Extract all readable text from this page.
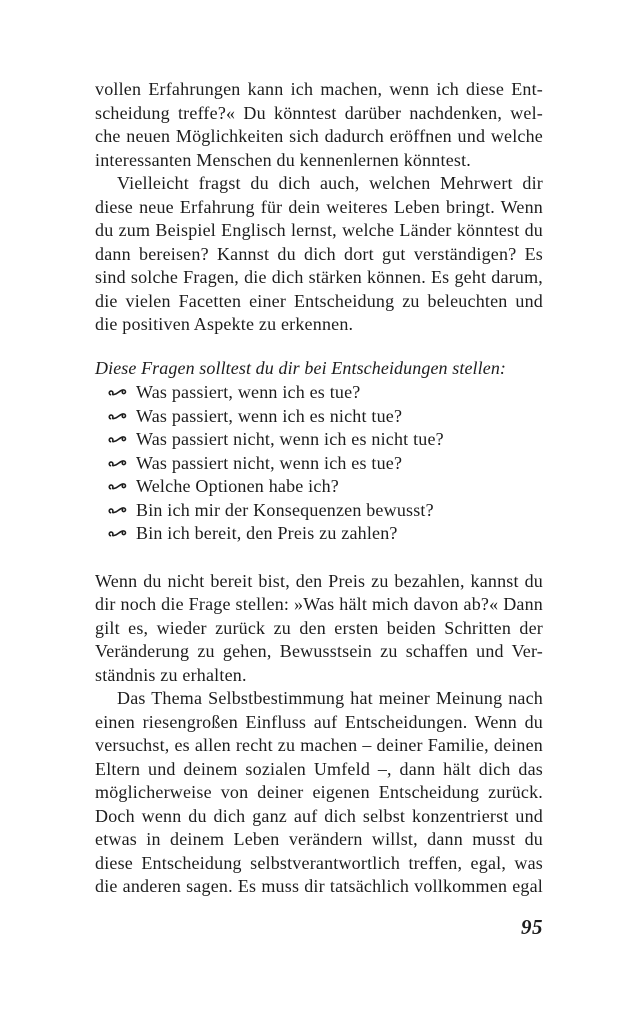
vollen Erfahrungen kann ich machen, wenn ich diese Ent-
scheidung treffe?« Du könntest darüber nachdenken, wel-
che neuen Möglichkeiten sich dadurch eröffnen und welche
interessanten Menschen du kennenlernen könntest.
Vielleicht fragst du dich auch, welchen Mehrwert dir
diese neue Erfahrung für dein weiteres Leben bringt. Wenn
du zum Beispiel Englisch lernst, welche Länder könntest du
dann bereisen? Kannst du dich dort gut verständigen? Es
sind solche Fragen, die dich stärken können. Es geht darum,
die vielen Facetten einer Entscheidung zu beleuchten und
die positiven Aspekte zu erkennen.
Diese Fragen solltest du dir bei Entscheidungen stellen:
Was passiert, wenn ich es tue?
Was passiert, wenn ich es nicht tue?
Was passiert nicht, wenn ich es nicht tue?
Was passiert nicht, wenn ich es tue?
Welche Optionen habe ich?
Bin ich mir der Konsequenzen bewusst?
Bin ich bereit, den Preis zu zahlen?
Wenn du nicht bereit bist, den Preis zu bezahlen, kannst du
dir noch die Frage stellen: »Was hält mich davon ab?« Dann
gilt es, wieder zurück zu den ersten beiden Schritten der
Veränderung zu gehen, Bewusstsein zu schaffen und Ver-
ständnis zu erhalten.
Das Thema Selbstbestimmung hat meiner Meinung nach
einen riesengroßen Einfluss auf Entscheidungen. Wenn du
versuchst, es allen recht zu machen – deiner Familie, deinen
Eltern und deinem sozialen Umfeld –, dann hält dich das
möglicherweise von deiner eigenen Entscheidung zurück.
Doch wenn du dich ganz auf dich selbst konzentrierst und
etwas in deinem Leben verändern willst, dann musst du
diese Entscheidung selbstverantwortlich treffen, egal, was
die anderen sagen. Es muss dir tatsächlich vollkommen egal
95
